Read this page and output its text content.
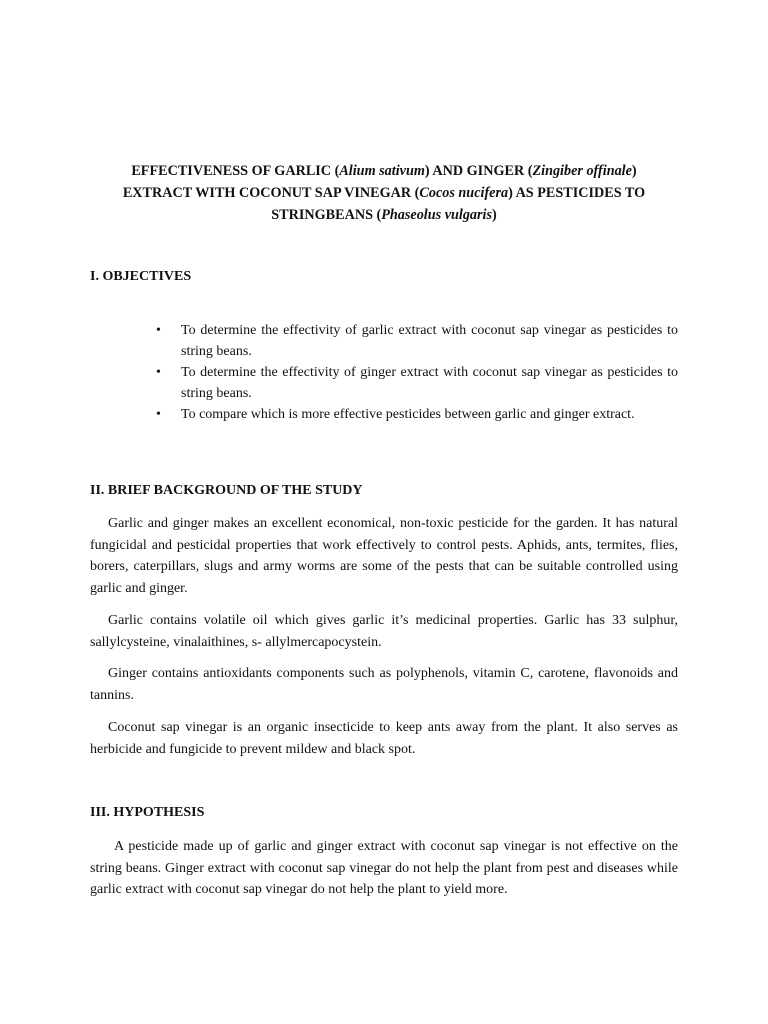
EFFECTIVENESS OF GARLIC (Alium sativum) AND GINGER (Zingiber offinale)
EXTRACT WITH COCONUT SAP VINEGAR (Cocos nucifera) AS PESTICIDES TO
STRINGBEANS (Phaseolus vulgaris)
I. OBJECTIVES
• To determine the effectivity of garlic extract with coconut sap vinegar as pesticides to string beans.
• To determine the effectivity of ginger extract with coconut sap vinegar as pesticides to string beans.
• To compare which is more effective pesticides between garlic and ginger extract.
II. BRIEF BACKGROUND OF THE STUDY

Garlic and ginger makes an excellent economical, non-toxic pesticide for the garden. It has natural fungicidal and pesticidal properties that work effectively to control pests. Aphids, ants, termites, flies, borers, caterpillars, slugs and army worms are some of the pests that can be suitable controlled using garlic and ginger.

Garlic contains volatile oil which gives garlic it’s medicinal properties. Garlic has 33 sulphur, sallylcysteine, vinalaithines, s- allylmercapocystein.

Ginger contains antioxidants components such as polyphenols, vitamin C, carotene, flavonoids and tannins.

Coconut sap vinegar is an organic insecticide to keep ants away from the plant. It also serves as herbicide and fungicide to prevent mildew and black spot.

III. HYPOTHESIS

A pesticide made up of garlic and ginger extract with coconut sap vinegar is not effective on the string beans. Ginger extract with coconut sap vinegar do not help the plant from pest and diseases while garlic extract with coconut sap vinegar do not help the plant to yield more.
